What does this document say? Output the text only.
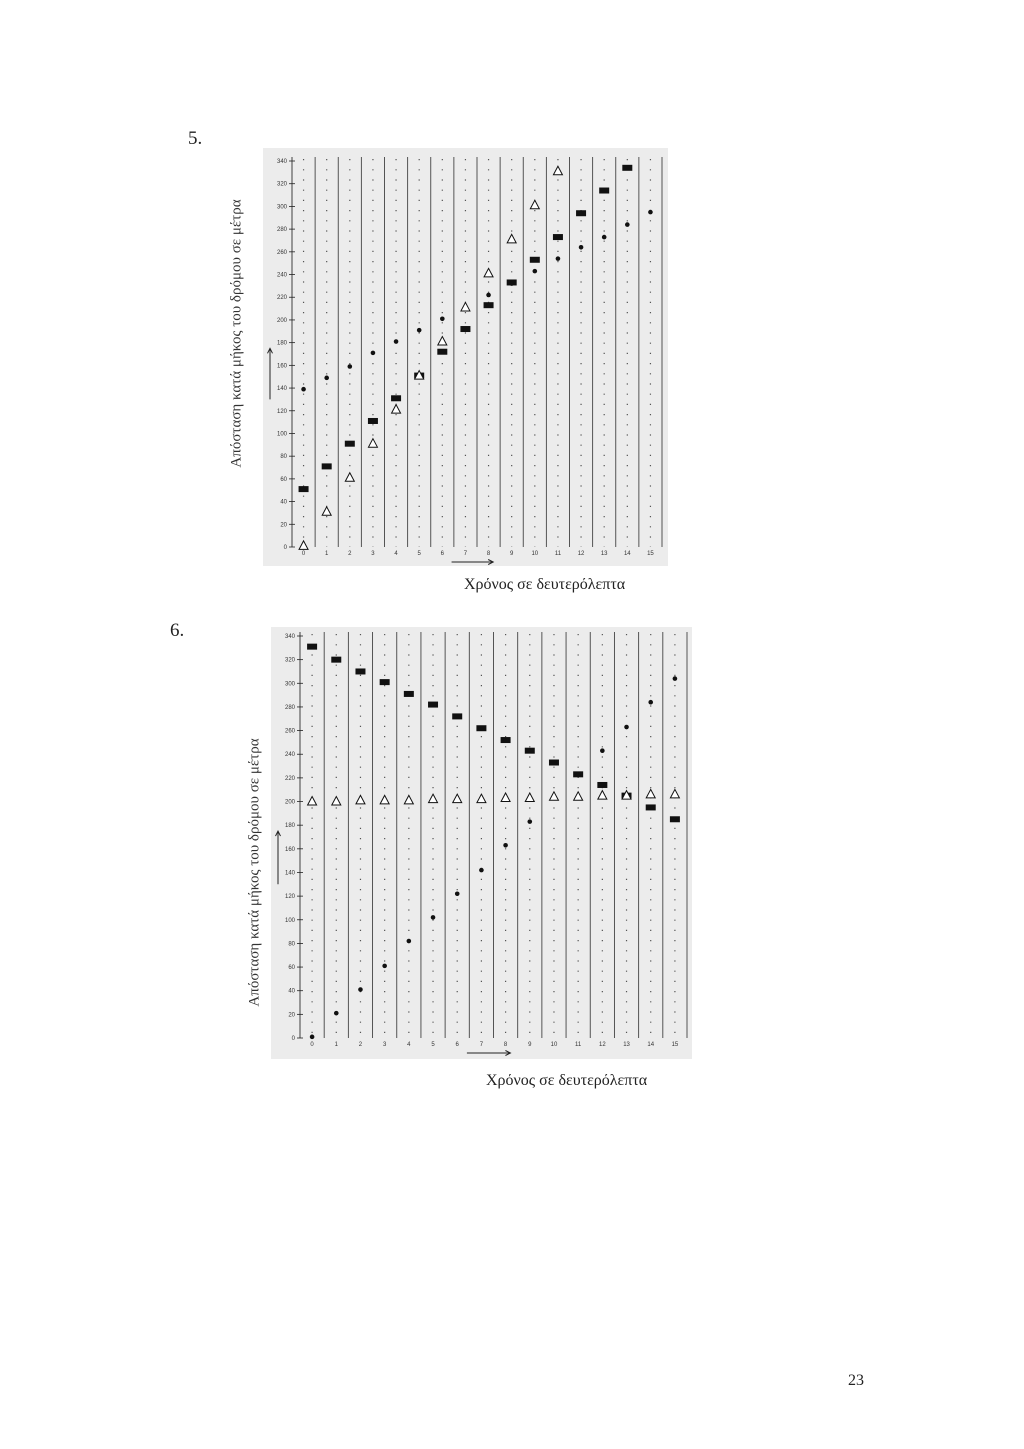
5.
Απόσταση κατά μήκος του δρόμου σε μέτρα
0
20
40
60
80
100
120
140
160
180
200
220
240
260
280
300
320
340
0	1	2	3	4	5	6	7	8	9	10	11	12	13	14	15
Χρόνος σε δευτερόλεπτα
6.
Απόσταση κατά μήκος του δρόμου σε μέτρα
0
20
40
60
80
100
120
140
160
180
200
220
240
260
280
300
320
340
0	1	2	3	4	5	6	7	8	9	10	11	12	13	14	15
Χρόνος σε δευτερόλεπτα
23
